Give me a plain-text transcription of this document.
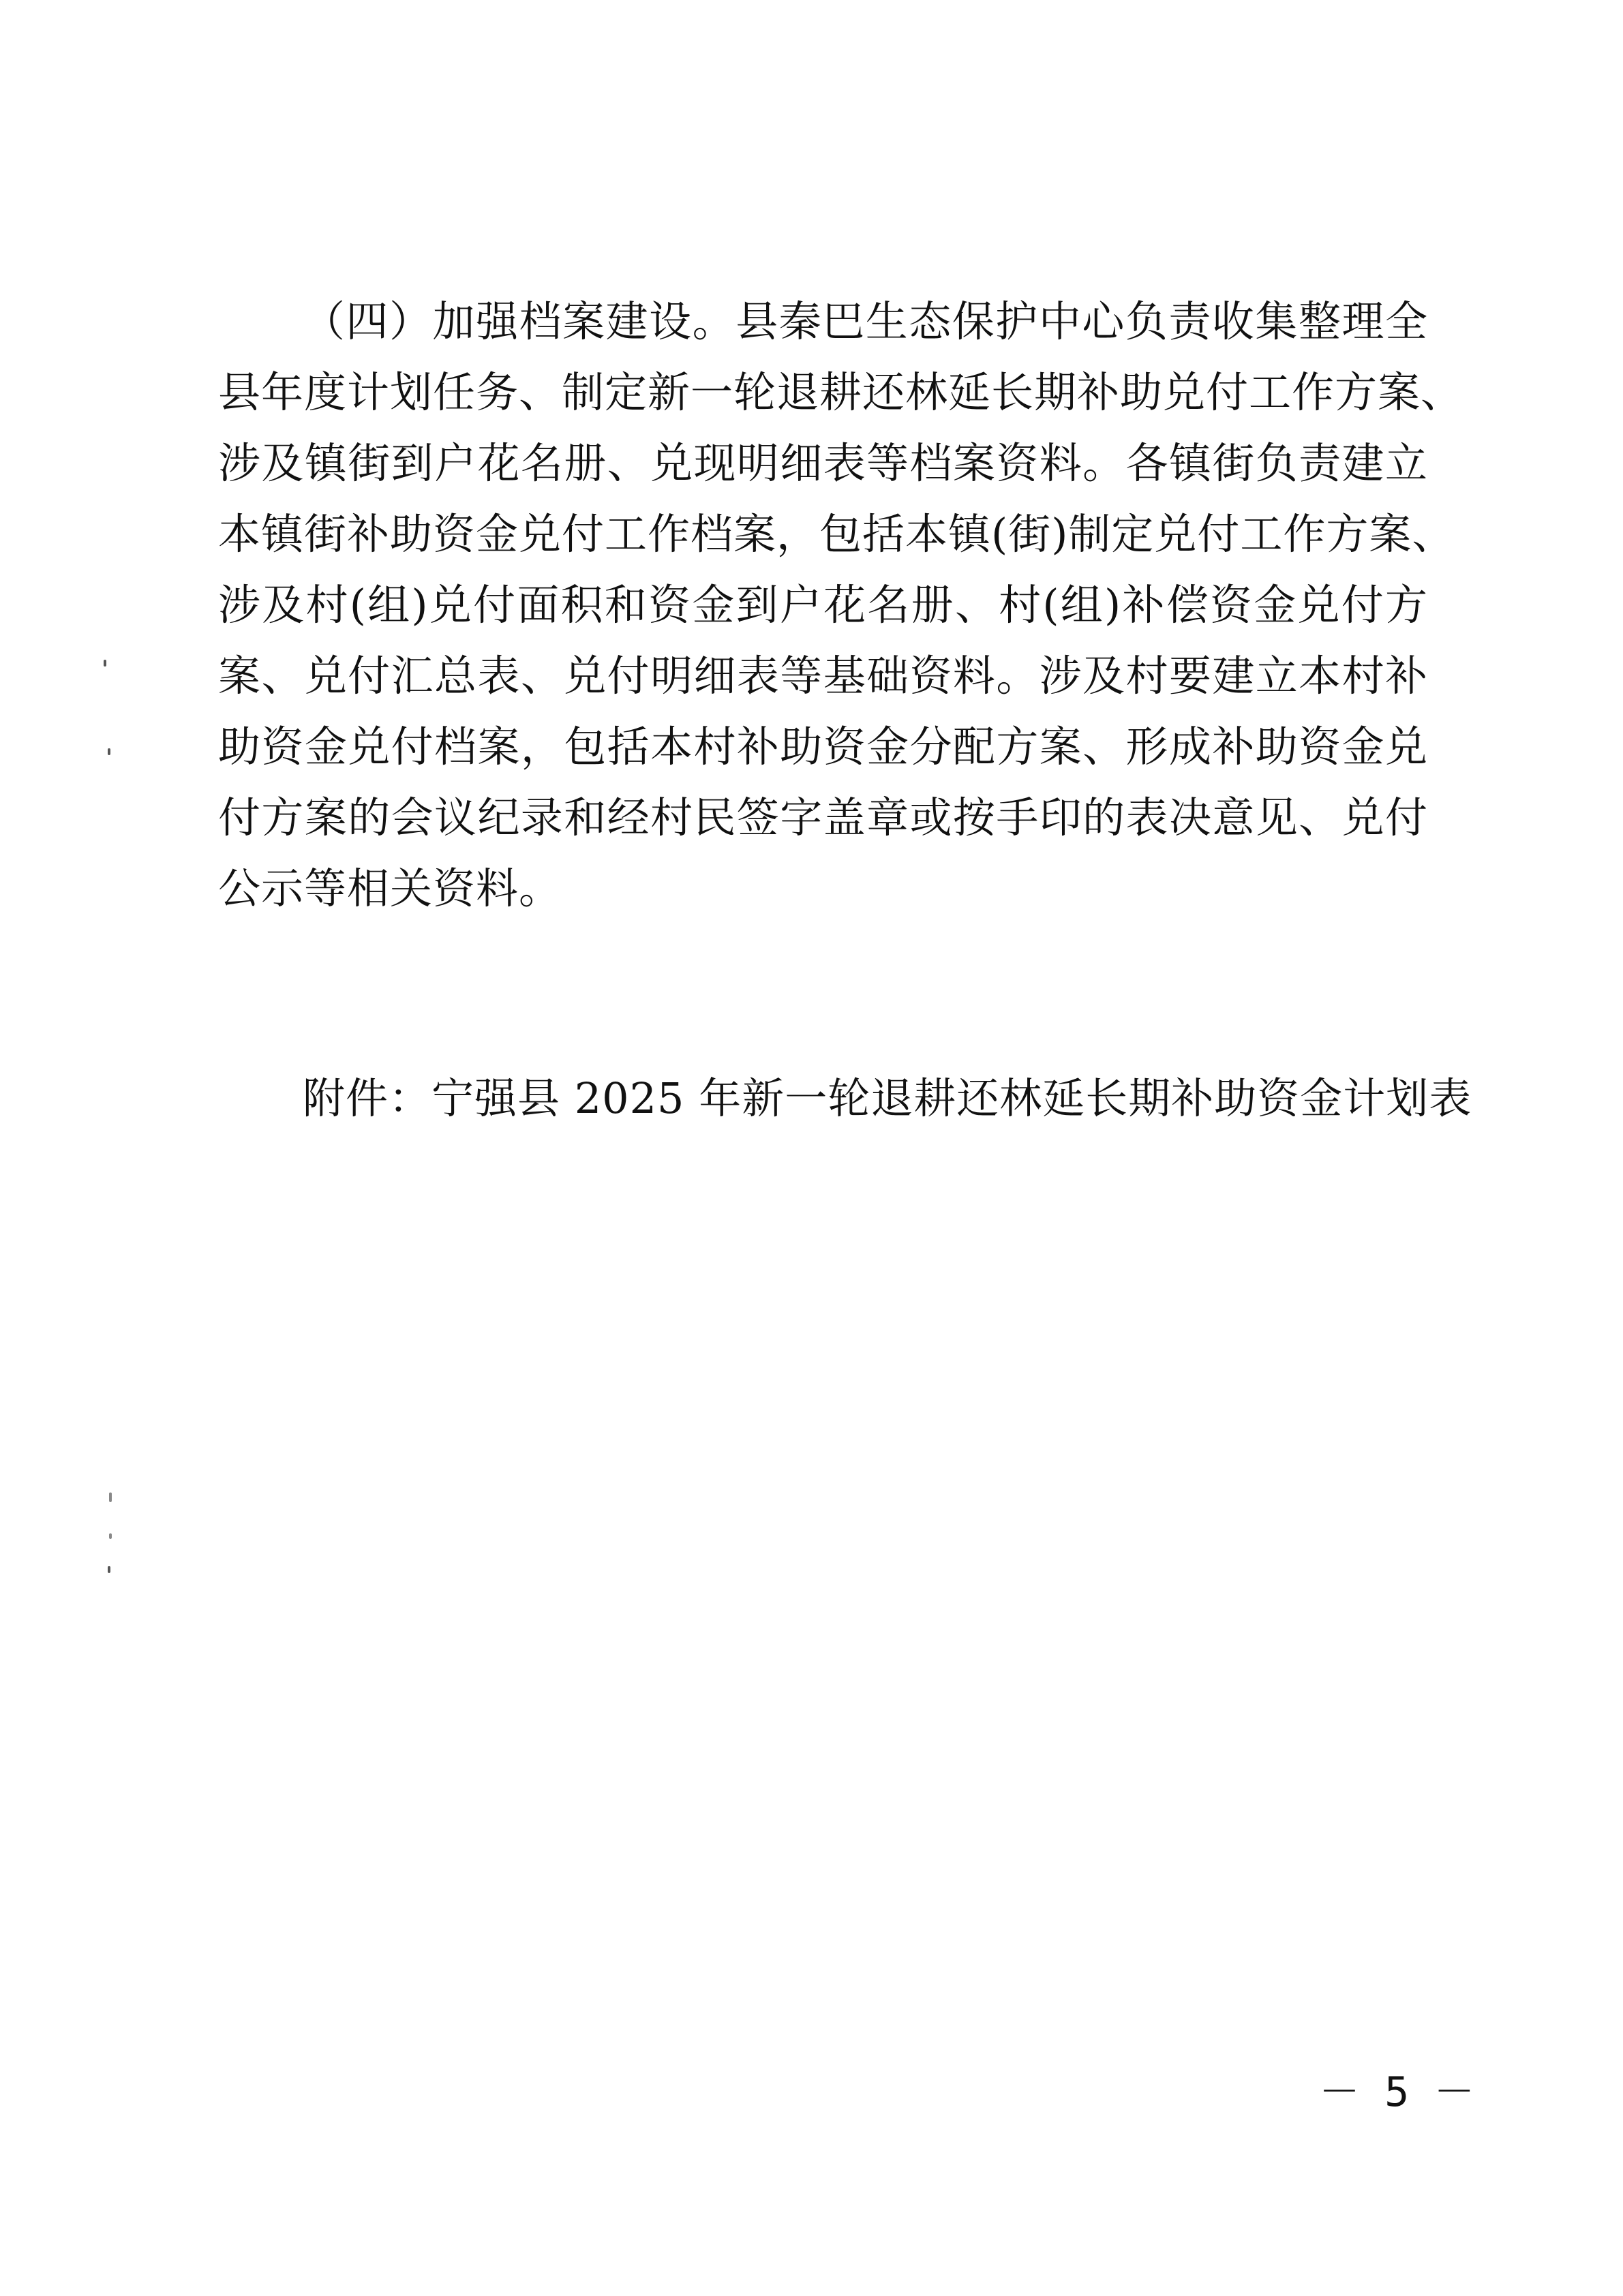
（四）加强档案建设。县秦巴生态保护中心负责收集整理全
县年度计划任务、制定新一轮退耕还林延长期补助兑付工作方案、
涉及镇街到户花名册、兑现明细表等档案资料。各镇街负责建立
本镇街补助资金兑付工作档案，包括本镇(街)制定兑付工作方案、
涉及村(组)兑付面积和资金到户花名册、村(组)补偿资金兑付方
案、兑付汇总表、兑付明细表等基础资料。涉及村要建立本村补
助资金兑付档案，包括本村补助资金分配方案、形成补助资金兑
付方案的会议纪录和经村民签字盖章或按手印的表决意见、兑付
公示等相关资料。
附件：宁强县 2025 年新一轮退耕还林延长期补助资金计划表
－ 5 －
